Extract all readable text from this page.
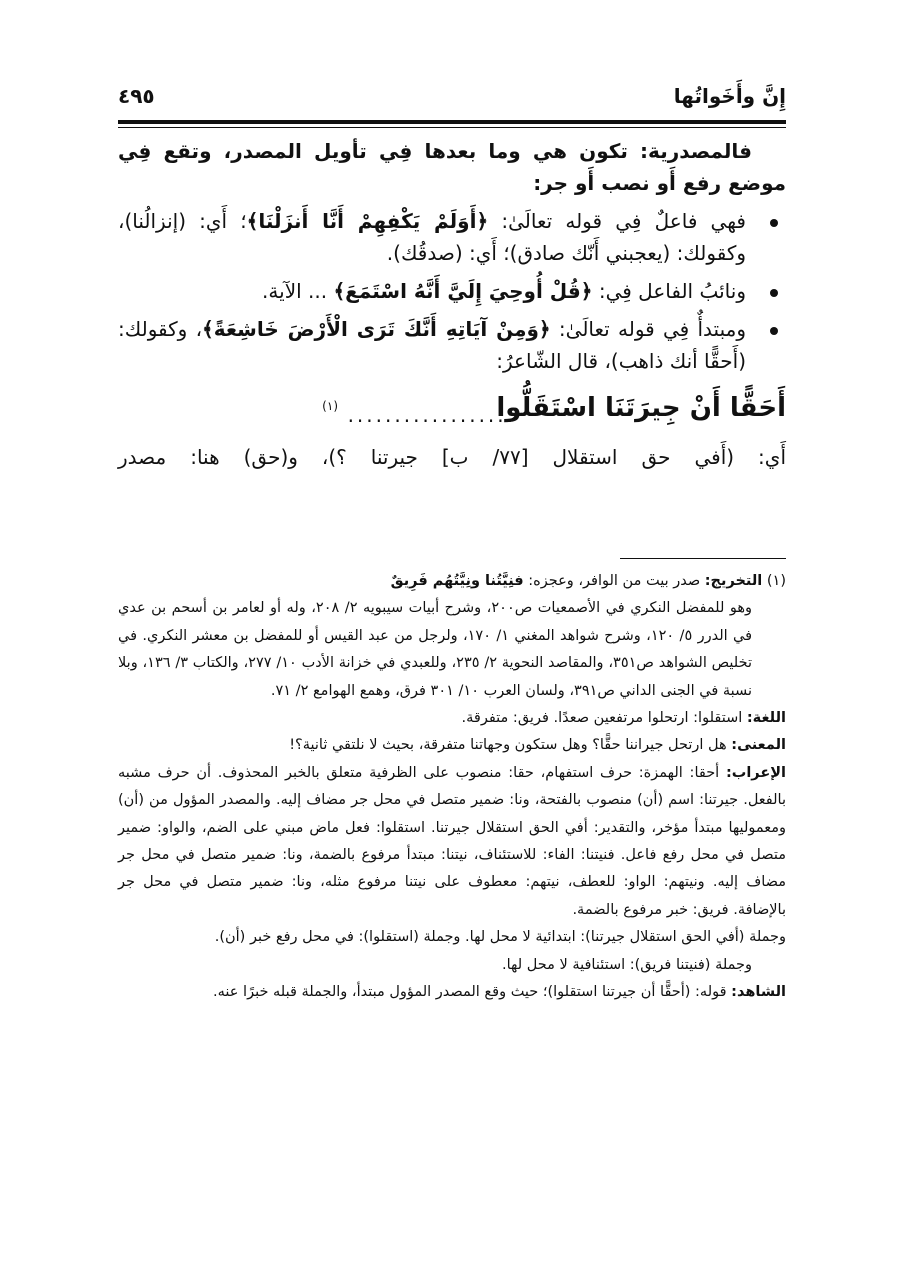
إِنَّ وأَخَواتُها
٤٩٥

فالمصدرية: تكون هي وما بعدها فِي تأويل المصدر، وتقع فِي موضع رفع أَو نصب أَو جر:

فهي فاعلٌ فِي قوله تعالَىٰ: ﴿أَوَلَمْ يَكْفِهِمْ أَنَّا أَنزَلْنَا﴾؛ أَي: (إنزالُنا)، وكقولك: (يعجبني أَنّك صادق)؛ أَي: (صدقُك).
ونائبُ الفاعل فِي: ﴿قُلْ أُوحِيَ إِلَيَّ أَنَّهُ اسْتَمَعَ﴾ ... الآية.
ومبتدأٌ فِي قوله تعالَىٰ: ﴿وَمِنْ آيَاتِهِ أَنَّكَ تَرَى الْأَرْضَ خَاشِعَةً﴾، وكقولك: (أَحقًّا أنك ذاهب)، قال الشّاعرُ:
أَحَقًّا أَنْ جِيرَتَنَا اسْتَقَلُّوا
..................
(١)

أَي: (أَفي حق استقلال [٧٧/ ب] جيرتنا ؟)، و(حق) هنا: مصدر

(١) التخريج: صدر بيت من الوافر، وعجزه: فنِيَّتُنا ونِيَّتُهُم فَرِيقٌ

وهو للمفضل النكري في الأصمعيات ص٢٠٠، وشرح أبيات سيبويه ٢/ ٢٠٨، وله أو لعامر بن أسحم بن عدي في الدرر ٥/ ١٢٠، وشرح شواهد المغني ١/ ١٧٠، ولرجل من عبد القيس أو للمفضل بن معشر النكري. في تخليص الشواهد ص٣٥١، والمقاصد النحوية ٢/ ٢٣٥، وللعبدي في خزانة الأدب ١٠/ ٢٧٧، والكتاب ٣/ ١٣٦، وبلا نسبة في الجنى الداني ص٣٩١، ولسان العرب ١٠/ ٣٠١ فرق، وهمع الهوامع ٢/ ٧١.

اللغة: استقلوا: ارتحلوا مرتفعين صعدًا. فريق: متفرقة.

المعنى: هل ارتحل جيراننا حقًّا؟ وهل ستكون وجهاتنا متفرقة، بحيث لا نلتقي ثانية؟!

الإعراب: أحقا: الهمزة: حرف استفهام، حقا: منصوب على الظرفية متعلق بالخبر المحذوف. أن حرف مشبه بالفعل. جيرتنا: اسم (أن) منصوب بالفتحة، ونا: ضمير متصل في محل جر مضاف إليه. والمصدر المؤول من (أن) ومعموليها مبتدأ مؤخر، والتقدير: أفي الحق استقلال جيرتنا. استقلوا: فعل ماض مبني على الضم، والواو: ضمير متصل في محل رفع فاعل. فنيتنا: الفاء: للاستئناف، نيتنا: مبتدأ مرفوع بالضمة، ونا: ضمير متصل في محل جر مضاف إليه. ونيتهم: الواو: للعطف، نيتهم: معطوف على نيتنا مرفوع مثله، ونا: ضمير متصل في محل جر بالإضافة. فريق: خبر مرفوع بالضمة.

وجملة (أفي الحق استقلال جيرتنا): ابتدائية لا محل لها. وجملة (استقلوا): في محل رفع خبر (أن).

وجملة (فنيتنا فريق): استئنافية لا محل لها.

الشاهد: قوله: (أحقًّا أن جيرتنا استقلوا)؛ حيث وقع المصدر المؤول مبتدأ، والجملة قبله خبرًا عنه.
